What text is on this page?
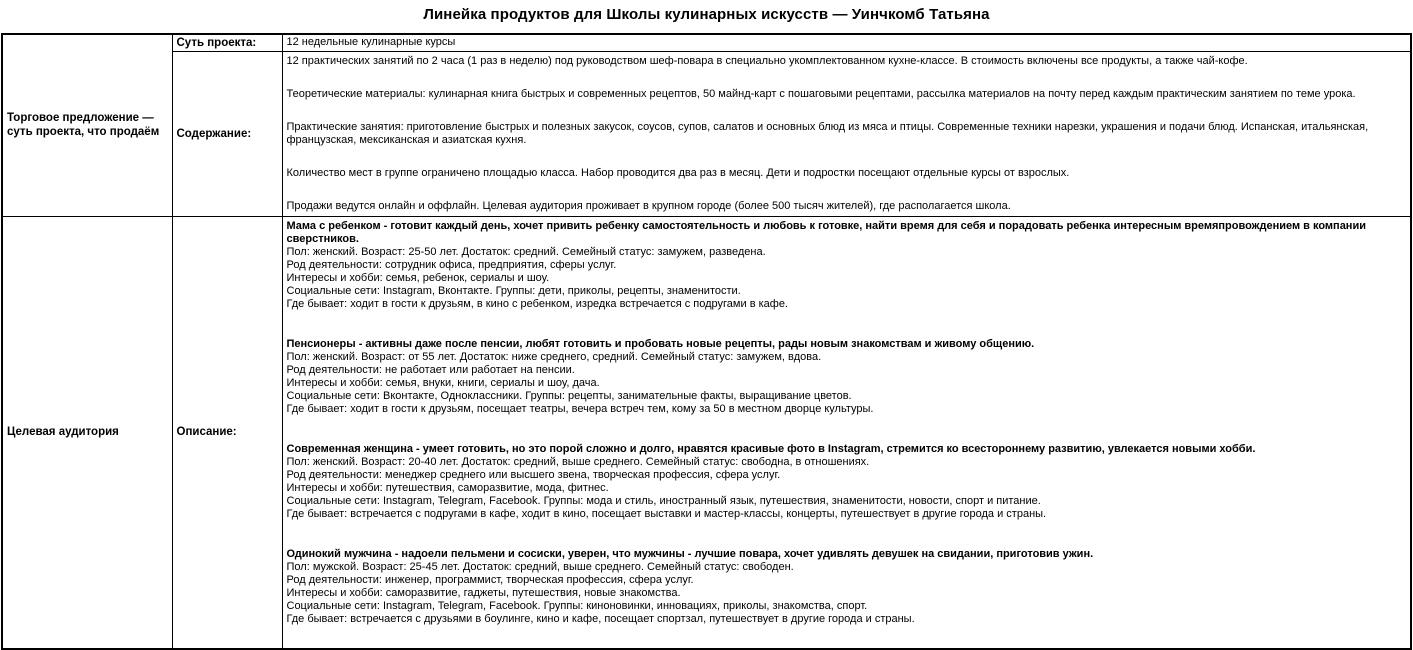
Линейка продуктов для Школы кулинарных искусств — Уинчкомб Татьяна
Торговое предложение — суть проекта, что продаём	Суть проекта:	12 недельные кулинарные курсы
	Содержание:	12 практических занятий по 2 часа (1 раз в неделю) под руководством шеф-повара в специально укомплектованном кухне-классе. В стоимость включены все продукты, а также чай-кофе.
Теоретические материалы: кулинарная книга быстрых и современных рецептов, 50 майнд-карт с пошаговыми рецептами, рассылка материалов на почту перед каждым практическим занятием по теме урока.
Практические занятия: приготовление быстрых и полезных закусок, соусов, супов, салатов и основных блюд из мяса и птицы. Современные техники нарезки, украшения и подачи блюд. Испанская, итальянская, французская, мексиканская и азиатская кухня.
Количество мест в группе ограничено площадью класса. Набор проводится два раз в месяц. Дети и подростки посещают отдельные курсы от взрослых.
Продажи ведутся онлайн и оффлайн. Целевая аудитория проживает в крупном городе (более 500 тысяч жителей), где располагается школа.

Целевая аудитория	Описание:	
Мама с ребенком - готовит каждый день, хочет привить ребенку самостоятельность и любовь к готовке, найти время для себя и порадовать ребенка интересным времяпровождением в компании сверстников.
Пол: женский. Возраст: 25-50 лет. Достаток: средний. Семейный статус: замужем, разведена.
Род деятельности: сотрудник офиса, предприятия, сферы услуг.
Интересы и хобби: семья, ребенок, сериалы и шоу.
Социальные сети: Instagram, Вконтакте. Группы: дети, приколы, рецепты, знаменитости.
Где бывает: ходит в гости к друзьям, в кино с ребенком, изредка встречается с подругами в кафе.
Пенсионеры - активны даже после пенсии, любят готовить и пробовать новые рецепты, рады новым знакомствам и живому общению.
Пол: женский. Возраст: от 55 лет. Достаток: ниже среднего, средний. Семейный статус: замужем, вдова.
Род деятельности: не работает или работает на пенсии.
Интересы и хобби: семья, внуки, книги, сериалы и шоу, дача.
Социальные сети: Вконтакте, Одноклассники. Группы: рецепты, занимательные факты, выращивание цветов.
Где бывает: ходит в гости к друзьям, посещает театры, вечера встреч тем, кому за 50 в местном дворце культуры.
Современная женщина - умеет готовить, но это порой сложно и долго, нравятся красивые фото в Instagram, стремится ко всестороннему развитию, увлекается новыми хобби.
Пол: женский. Возраст: 20-40 лет. Достаток: средний, выше среднего. Семейный статус: свободна, в отношениях.
Род деятельности: менеджер среднего или высшего звена, творческая профессия, сфера услуг.
Интересы и хобби: путешествия, саморазвитие, мода, фитнес.
Социальные сети: Instagram, Telegram, Facebook. Группы: мода и стиль, иностранный язык, путешествия, знаменитости, новости, спорт и питание.
Где бывает: встречается с подругами в кафе, ходит в кино, посещает выставки и мастер-классы, концерты, путешествует в другие города и страны.
Одинокий мужчина - надоели пельмени и сосиски, уверен, что мужчины - лучшие повара, хочет удивлять девушек на свидании, приготовив ужин.
Пол: мужской. Возраст: 25-45 лет. Достаток: средний, выше среднего. Семейный статус: свободен.
Род деятельности: инженер, программист, творческая профессия, сфера услуг.
Интересы и хобби: саморазвитие, гаджеты, путешествия, новые знакомства.
Социальные сети: Instagram, Telegram, Facebook. Группы: киноновинки, инновациях, приколы, знакомства, спорт.
Где бывает: встречается с друзьями в боулинге, кино и кафе, посещает спортзал, путешествует в другие города и страны.
